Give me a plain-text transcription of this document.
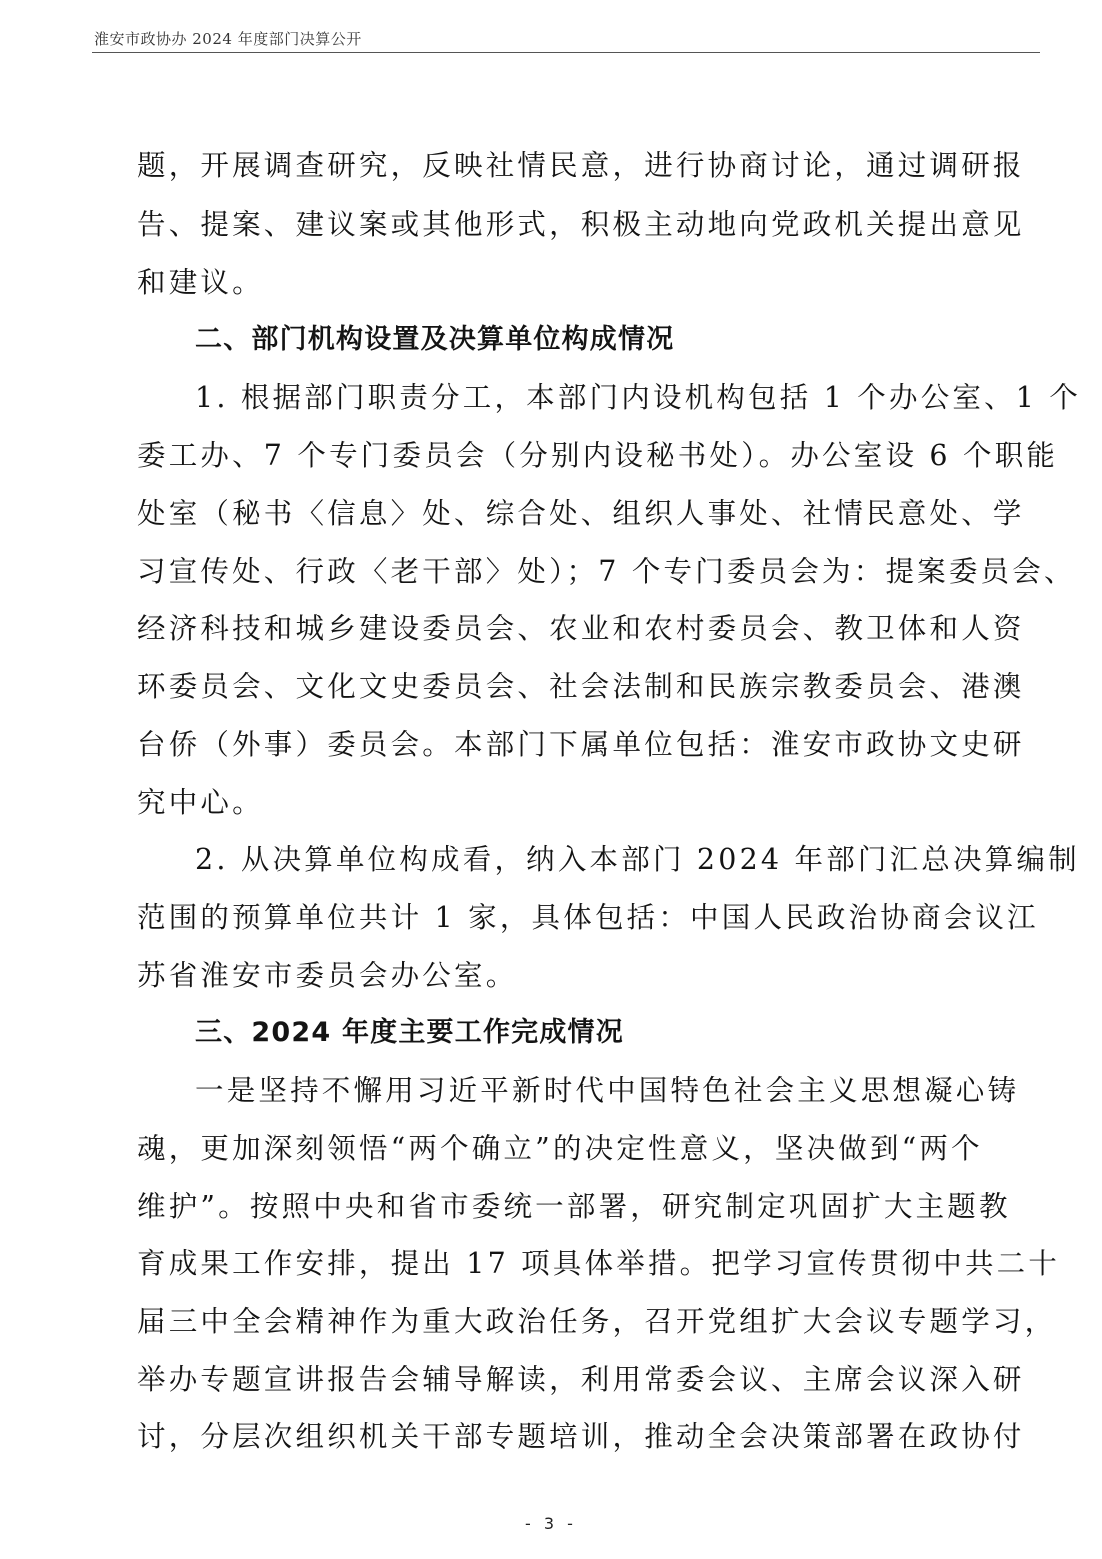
淮安市政协办 2024 年度部门决算公开
题，开展调查研究，反映社情民意，进行协商讨论，通过调研报
告、提案、建议案或其他形式，积极主动地向党政机关提出意见
和建议。
二、部门机构设置及决算单位构成情况
1. 根据部门职责分工，本部门内设机构包括 1 个办公室、1 个
委工办、7 个专门委员会（分别内设秘书处）。办公室设 6 个职能
处室（秘书〈信息〉处、综合处、组织人事处、社情民意处、学
习宣传处、行政〈老干部〉处）；7 个专门委员会为：提案委员会、
经济科技和城乡建设委员会、农业和农村委员会、教卫体和人资
环委员会、文化文史委员会、社会法制和民族宗教委员会、港澳
台侨（外事）委员会。本部门下属单位包括：淮安市政协文史研
究中心。
2. 从决算单位构成看，纳入本部门 2024 年部门汇总决算编制
范围的预算单位共计 1 家，具体包括：中国人民政治协商会议江
苏省淮安市委员会办公室。
三、2024 年度主要工作完成情况
一是坚持不懈用习近平新时代中国特色社会主义思想凝心铸
魂，更加深刻领悟“两个确立”的决定性意义，坚决做到“两个
维护”。按照中央和省市委统一部署，研究制定巩固扩大主题教
育成果工作安排，提出 17 项具体举措。把学习宣传贯彻中共二十
届三中全会精神作为重大政治任务，召开党组扩大会议专题学习，
举办专题宣讲报告会辅导解读，利用常委会议、主席会议深入研
讨，分层次组织机关干部专题培训，推动全会决策部署在政协付
- 3 -
